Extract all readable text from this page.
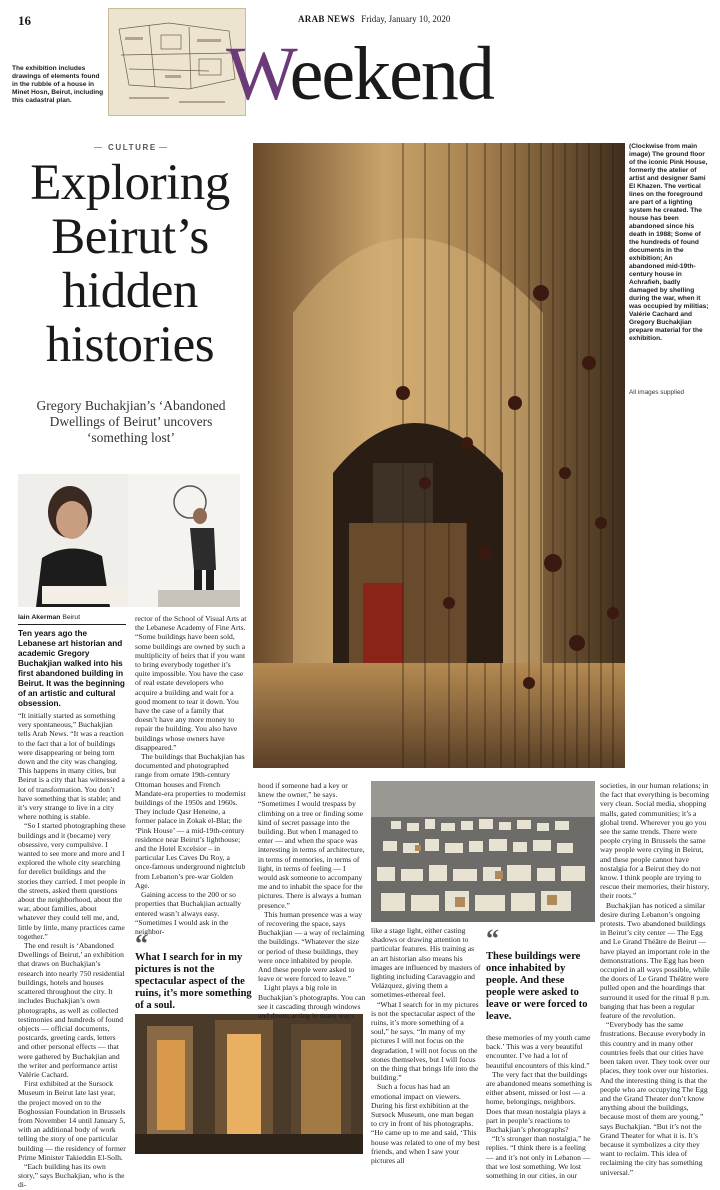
16	ARAB NEWS Friday, January 10, 2020
The exhibition includes drawings of elements found in the rubble of a house in Minet Hosn, Beirut, including this cadastral plan.	Weekend
CULTURE
Exploring
Beirut’s
hidden
histories
Gregory Buchakjian’s ‘Abandoned Dwellings of Beirut’ uncovers ‘something lost’
Iain Akerman Beirut
Ten years ago the Lebanese art historian and academic Gregory Buchakjian walked into his first abandoned building in Beirut. It was the beginning of an artistic and cultural obsession.

“It initially started as something very spontaneous,” Buchakjian tells Arab News. “It was a reaction to the fact that a lot of buildings were disappearing or being torn down and the city was changing. This happens in many cities, but Beirut is a city that has witnessed a lot of transformation. You don’t have something that is stable; and it’s very strange to live in a city where nothing is stable.

“So I started photographing these buildings and it (became) very obsessive, very compulsive. I wanted to see more and more and I explored the whole city searching for derelict buildings and the stories they carried. I met people in the streets, asked them questions about the neighborhood, about the war, about families, about whatever they could tell me, and, little by little, many practices came together.”

The end result is ‘Abandoned Dwellings of Beirut,’ an exhibition that draws on Buchakjian’s research into nearly 750 residential buildings, hotels and houses scattered throughout the city. It includes Buchakjian’s own photographs, as well as collected testimonies and hundreds of found objects — official documents, postcards, greeting cards, letters and other personal effects — that were gathered by Buchakjian and the writer and performance artist Valérie Cachard.

First exhibited at the Sursock Museum in Beirut late last year, the project moved on to the Boghossian Foundation in Brussels from November 14 until January 5, with an additional body of work telling the story of one particular building — the residency of former Prime Minister Takieddin El-Solh.

“Each building has its own story,” says Buchakjian, who is the di-

rector of the School of Visual Arts at the Lebanese Academy of Fine Arts. “Some buildings have been sold, some buildings are owned by such a multiplicity of heirs that if you want to bring everybody together it’s quite impossible. You have the case of real estate developers who acquire a building and wait for a good moment to tear it down. You have the case of a family that doesn’t have any more money to repair the building. You also have buildings whose owners have disappeared.”

The buildings that Buchakjian has documented and photographed range from ornate 19th-century Ottoman houses and French Mandate-era properties to modernist buildings of the 1950s and 1960s. They include Qasr Heneine, a former palace in Zokak el-Blat; the ‘Pink House’ — a mid-19th-century residence near Beirut’s lighthouse; and the Hotel Excelsior – in particular Les Caves Du Roy, a once-famous underground nightclub from Lebanon’s pre-war Golden Age.

Gaining access to the 200 or so properties that Buchakjian actually entered wasn’t always easy. “Sometimes I would ask in the neighbor-

“
What I search for in my pictures is not the spectacular aspect of the ruins, it’s more something of a soul.

hood if someone had a key or knew the owner,” he says. “Sometimes I would trespass by climbing on a tree or finding some kind of secret passage into the building. But when I managed to enter — and when the space was interesting in terms of architecture, in terms of memories, in terms of light, in terms of feeling — I would ask someone to accompany me and to inhabit the space for the pictures. There is always a human presence.”

This human presence was a way of recovering the space, says Buchakjian — a way of reclaiming the buildings. “Whatever the size or period of these buildings, they were once inhabited by people. And these people were asked to leave or were forced to leave.”

Light plays a big role in Buchakjian’s photographs. You can see it cascading through windows and doors, acting in many ways

(Clockwise from main image) The ground floor of the iconic Pink House, formerly the atelier of artist and designer Sami El Khazen. The vertical lines on the foreground are part of a lighting system he created. The house has been abandoned since his death in 1988; Some of the hundreds of found documents in the exhibition; An abandoned mid-19th-century house in Achrafieh, badly damaged by shelling during the war, when it was occupied by militias; Valérie Cachard and Gregory Buchakjian prepare material for the exhibition.
All images supplied

like a stage light, either casting shadows or drawing attention to particular features. His training as an art historian also means his images are influenced by masters of lighting including Caravaggio and Velázquez, giving them a sometimes-ethereal feel.

“What I search for in my pictures is not the spectacular aspect of the ruins, it’s more something of a soul,” he says. “In many of my pictures I will not focus on the degradation, I will not focus on the stones themselves, but I will focus on the thing that brings life into the building.”

Such a focus has had an emotional impact on viewers. During his first exhibition at the Sursock Museum, one man began to cry in front of his photographs. “He came up to me and said, ‘This house was related to one of my best friends, and when I saw your pictures all

“
These buildings were once inhabited by people. And these people were asked to leave or were forced to leave.

these memories of my youth came back.’ This was a very beautiful encounter. I’ve had a lot of beautiful encounters of this kind.”

The very fact that the buildings are abandoned means something is either absent, missed or lost — a home, belongings, neighbors. Does that mean nostalgia plays a part in people’s reactions to Buchakjian’s photographs?

“It’s stronger than nostalgia,” he replies. “I think there is a feeling — and it’s not only in Lebanon — that we lost something. We lost something in our cities, in our

societies, in our human relations; in the fact that everything is becoming very clean. Social media, shopping malls, gated communities; it’s a global trend. Wherever you go you see the same trends. There were people crying in Brussels the same way people were crying in Beirut, and these people cannot have nostalgia for a Beirut they do not know. I think people are trying to rescue their memories, their history, their roots.”

Buchakjian has noticed a similar desire during Lebanon’s ongoing protests. Two abandoned buildings in Beirut’s city center — The Egg and Le Grand Théâtre de Beirut — have played an important role in the demonstrations. The Egg has been occupied in all ways possible, while the doors of Le Grand Théâtre were pulled open and the hoardings that surround it used for the ritual 8 p.m. banging that has been a regular feature of the revolution.

“Everybody has the same frustrations. Because everybody in this country and in many other countries feels that our cities have been taken over. They took over our places, they took over our histories. And the interesting thing is that the people who are occupying The Egg and the Grand Theater don’t know anything about the buildings, because most of them are young,” says Buchakjian. “But it’s not the Grand Theater for what it is. It’s because it symbolizes a city they want to reclaim. This idea of reclaiming the city has something universal.”
